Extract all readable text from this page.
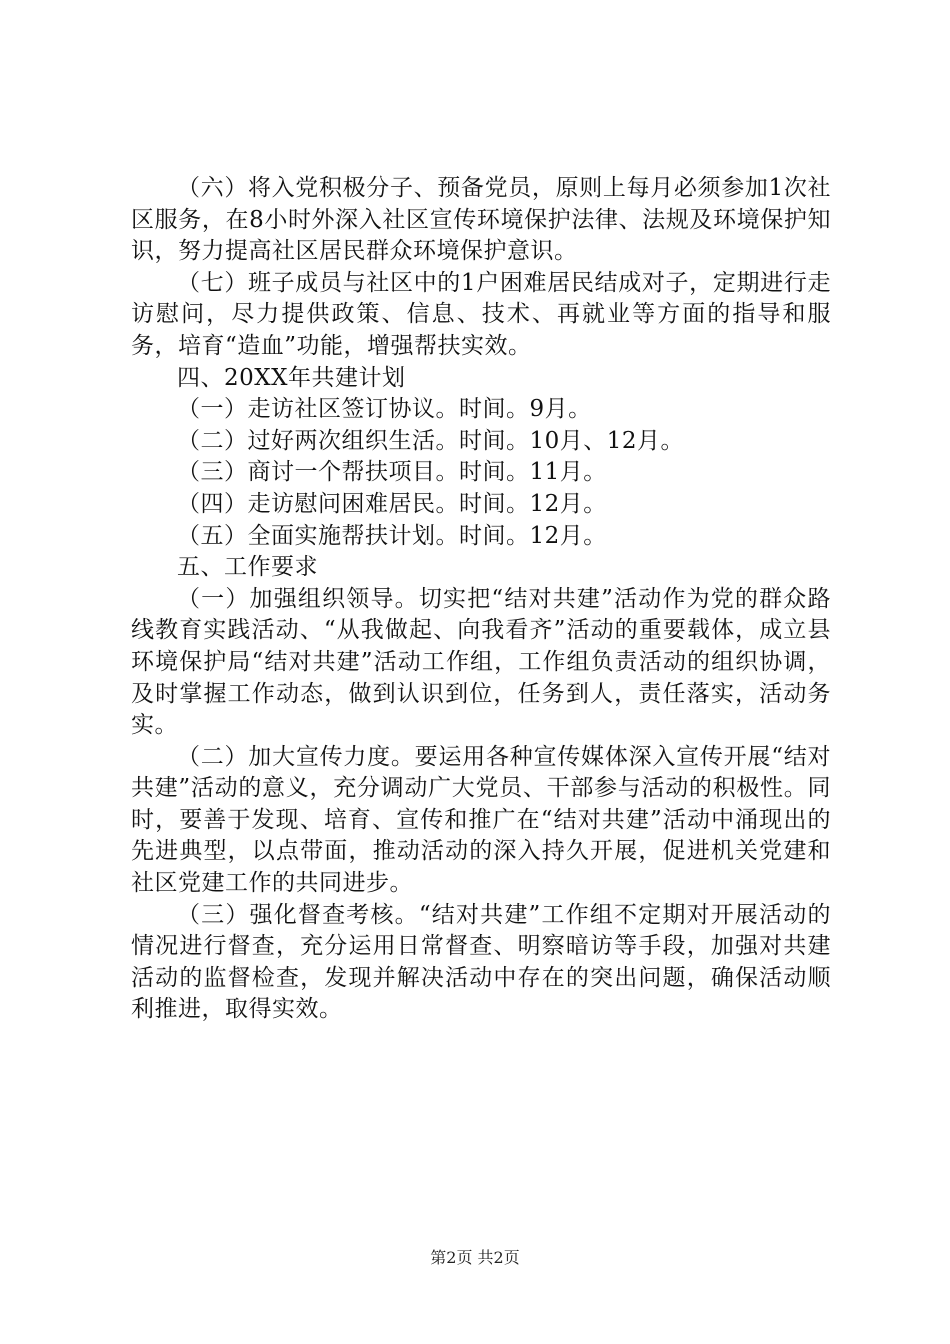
（六）将入党积极分子、预备党员，原则上每月必须参加1次社区服务，在8小时外深入社区宣传环境保护法律、法规及环境保护知识，努力提高社区居民群众环境保护意识。

（七）班子成员与社区中的1户困难居民结成对子，定期进行走访慰问，尽力提供政策、信息、技术、再就业等方面的指导和服务，培育“造血”功能，增强帮扶实效。

四、20XX年共建计划

（一）走访社区签订协议。时间。9月。

（二）过好两次组织生活。时间。10月、12月。

（三）商讨一个帮扶项目。时间。11月。

（四）走访慰问困难居民。时间。12月。

（五）全面实施帮扶计划。时间。12月。

五、工作要求

（一）加强组织领导。切实把“结对共建”活动作为党的群众路线教育实践活动、“从我做起、向我看齐”活动的重要载体，成立县环境保护局“结对共建”活动工作组，工作组负责活动的组织协调，及时掌握工作动态，做到认识到位，任务到人，责任落实，活动务实。

（二）加大宣传力度。要运用各种宣传媒体深入宣传开展“结对共建”活动的意义，充分调动广大党员、干部参与活动的积极性。同时，要善于发现、培育、宣传和推广在“结对共建”活动中涌现出的先进典型，以点带面，推动活动的深入持久开展，促进机关党建和社区党建工作的共同进步。

（三）强化督查考核。“结对共建”工作组不定期对开展活动的情况进行督查，充分运用日常督查、明察暗访等手段，加强对共建活动的监督检查，发现并解决活动中存在的突出问题，确保活动顺利推进，取得实效。

第2页 共2页
